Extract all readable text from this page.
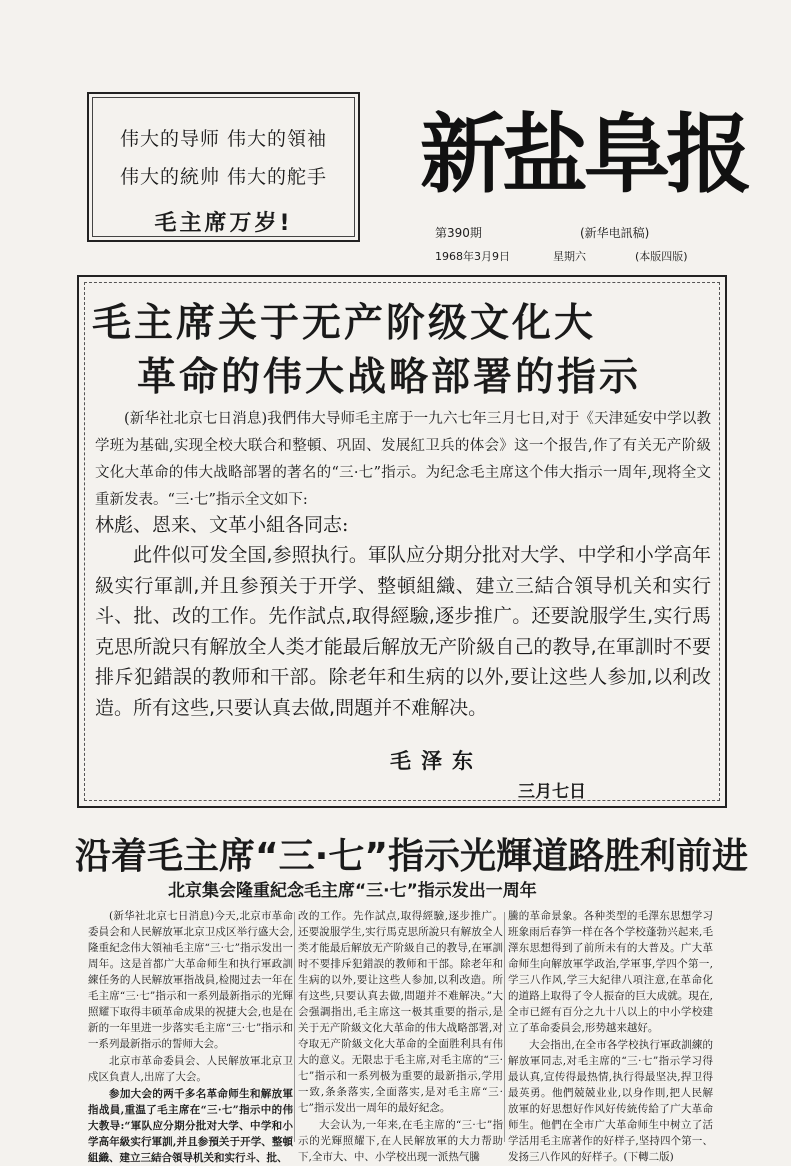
伟大的导师 伟大的領袖
伟大的統帅 伟大的舵手
毛主席万岁!
新盐阜报
第390期	(新华电訊稿)
1968年3月9日	星期六	(本版四版)
毛主席关于无产阶级文化大
革命的伟大战略部署的指示
(新华社北京七日消息)我們伟大导师毛主席于一九六七年三月七日,对于《天津延安中学以教学班为基础,实现全校大联合和整頓、巩固、发展紅卫兵的体会》这一个报告,作了有关无产阶級文化大革命的伟大战略部署的著名的“三·七”指示。为纪念毛主席这个伟大指示一周年,现将全文重新发表。“三·七”指示全文如下:
林彪、恩来、文革小組各同志:
此件似可发全国,参照执行。軍队应分期分批对大学、中学和小学高年級实行軍訓,并且参預关于开学、整頓組織、建立三結合領导机关和实行斗、批、改的工作。先作試点,取得經驗,逐步推广。还要說服学生,实行馬克思所說只有解放全人类才能最后解放无产阶級自己的教导,在軍訓时不要排斥犯錯誤的教师和干部。除老年和生病的以外,要让这些人参加,以利改造。所有这些,只要认真去做,問題并不难解决。
毛泽东
三月七日
沿着毛主席“三·七”指示光輝道路胜利前进
北京集会隆重紀念毛主席“三·七”指示发出一周年

(新华社北京七日消息)今天,北京市革命委員会和人民解放軍北京卫戍区举行盛大会,隆重紀念伟大領袖毛主席“三·七”指示发出一周年。这是首都广大革命师生和执行軍政訓練任务的人民解放軍指战員,检閱过去一年在毛主席“三·七”指示和一系列最新指示的光輝照耀下取得丰硕革命成果的祝捷大会,也是在新的一年里进一步落实毛主席“三·七”指示和一系列最新指示的誓师大会。

北京市革命委員会、人民解放軍北京卫戍区負責人,出席了大会。

参加大会的两千多名革命师生和解放軍指战員,重温了毛主席在“三·七”指示中的伟大教导:“軍队应分期分批对大学、中学和小学高年級实行軍訓,并且参預关于开学、整頓組織、建立三結合領导机关和实行斗、批、

改的工作。先作試点,取得經驗,逐步推广。还要說服学生,实行馬克思所說只有解放全人类才能最后解放无产阶級自己的教导,在軍訓时不要排斥犯錯誤的教师和干部。除老年和生病的以外,要让这些人参加,以利改造。所有这些,只要认真去做,問題并不难解决。”大会强調指出,毛主席这一极其重要的指示,是关于无产阶級文化大革命的伟大战略部署,对夺取无产阶級文化大革命的全面胜利具有伟大的意义。无限忠于毛主席,对毛主席的“三·七”指示和一系列极为重要的最新指示,学用一致,条条落实,全面落实,是对毛主席“三·七”指示发出一周年的最好紀念。

大会认为,一年来,在毛主席的“三·七”指示的光輝照耀下,在人民解放軍的大力帮助下,全市大、中、小学校出现一派热气騰

騰的革命景象。各种类型的毛澤东思想学习班象雨后春笋一样在各个学校蓬勃兴起来,毛澤东思想得到了前所未有的大普及。广大革命师生向解放軍学政治,学軍事,学四个第一,学三八作风,学三大紀律八項注意,在革命化的道路上取得了令人振奋的巨大成就。現在,全市已經有百分之九十八以上的中小学校建立了革命委員会,形势越来越好。

大会指出,在全市各学校执行軍政訓練的解放軍同志,对毛主席的“三·七”指示学习得最认真,宣传得最热情,执行得最坚决,捍卫得最英勇。他們兢兢业业,以身作則,把人民解放軍的好思想好作风好传統传給了广大革命师生。他們在全市广大革命师生中树立了活学活用毛主席著作的好样子,坚持四个第一、发扬三八作风的好样子。(下轉二版)
